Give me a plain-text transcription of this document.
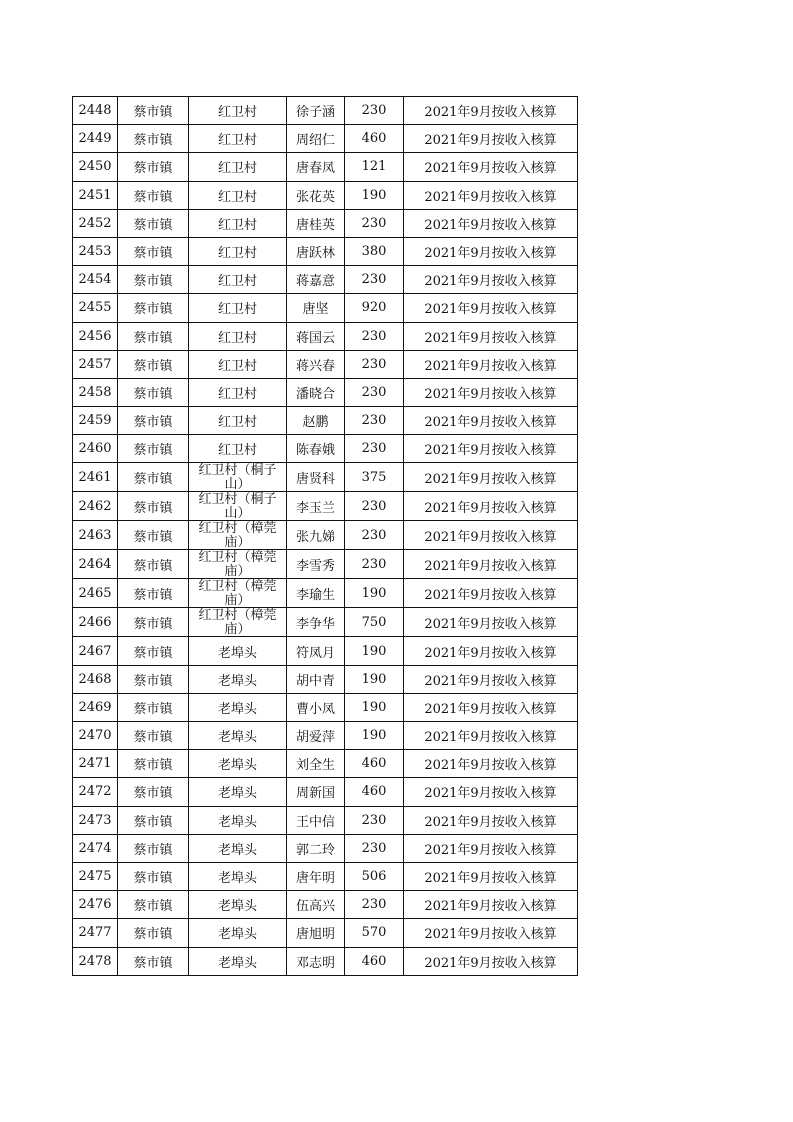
2448	蔡市镇	红卫村	徐子涵	230	2021年9月按收入核算
2449	蔡市镇	红卫村	周绍仁	460	2021年9月按收入核算
2450	蔡市镇	红卫村	唐春凤	121	2021年9月按收入核算
2451	蔡市镇	红卫村	张花英	190	2021年9月按收入核算
2452	蔡市镇	红卫村	唐桂英	230	2021年9月按收入核算
2453	蔡市镇	红卫村	唐跃林	380	2021年9月按收入核算
2454	蔡市镇	红卫村	蒋嘉意	230	2021年9月按收入核算
2455	蔡市镇	红卫村	唐坚	920	2021年9月按收入核算
2456	蔡市镇	红卫村	蒋国云	230	2021年9月按收入核算
2457	蔡市镇	红卫村	蒋兴春	230	2021年9月按收入核算
2458	蔡市镇	红卫村	潘晓合	230	2021年9月按收入核算
2459	蔡市镇	红卫村	赵鹏	230	2021年9月按收入核算
2460	蔡市镇	红卫村	陈春娥	230	2021年9月按收入核算
2461	蔡市镇	红卫村（桐子山）	唐贤科	375	2021年9月按收入核算
2462	蔡市镇	红卫村（桐子山）	李玉兰	230	2021年9月按收入核算
2463	蔡市镇	红卫村（樟莞庙）	张九娣	230	2021年9月按收入核算
2464	蔡市镇	红卫村（樟莞庙）	李雪秀	230	2021年9月按收入核算
2465	蔡市镇	红卫村（樟莞庙）	李瑜生	190	2021年9月按收入核算
2466	蔡市镇	红卫村（樟莞庙）	李争华	750	2021年9月按收入核算
2467	蔡市镇	老埠头	符凤月	190	2021年9月按收入核算
2468	蔡市镇	老埠头	胡中青	190	2021年9月按收入核算
2469	蔡市镇	老埠头	曹小凤	190	2021年9月按收入核算
2470	蔡市镇	老埠头	胡爱萍	190	2021年9月按收入核算
2471	蔡市镇	老埠头	刘全生	460	2021年9月按收入核算
2472	蔡市镇	老埠头	周新国	460	2021年9月按收入核算
2473	蔡市镇	老埠头	王中信	230	2021年9月按收入核算
2474	蔡市镇	老埠头	郭二玲	230	2021年9月按收入核算
2475	蔡市镇	老埠头	唐年明	506	2021年9月按收入核算
2476	蔡市镇	老埠头	伍高兴	230	2021年9月按收入核算
2477	蔡市镇	老埠头	唐旭明	570	2021年9月按收入核算
2478	蔡市镇	老埠头	邓志明	460	2021年9月按收入核算
